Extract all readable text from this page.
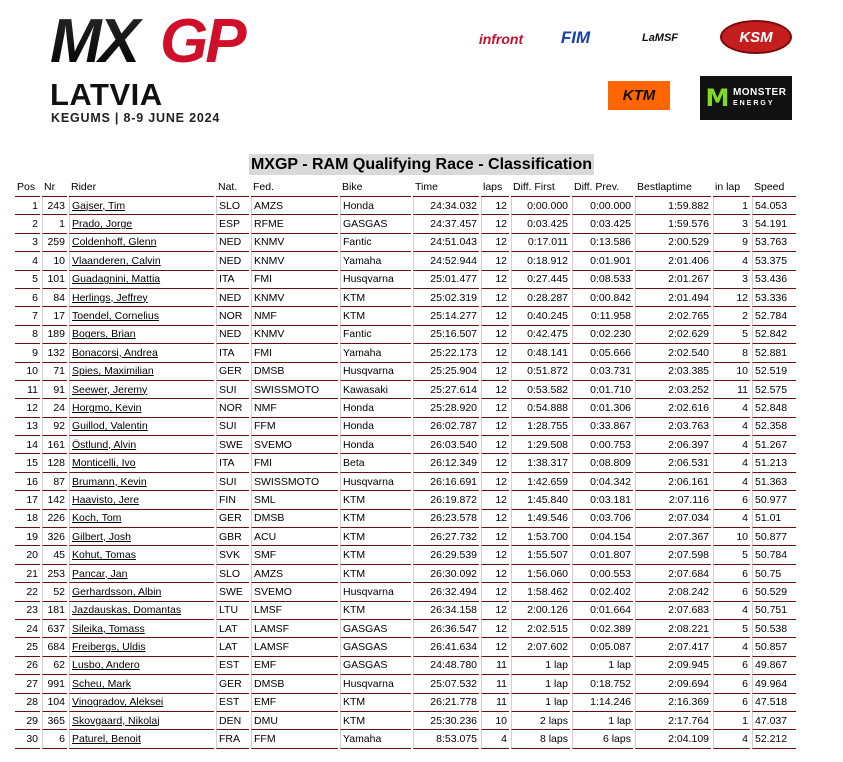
MX GP
LATVIA
KEGUMS | 8-9 JUNE 2024
infront FIM	LaMSF	KSM
KTM M MONSTER
ENERGY
MXGP - RAM Qualifying Race - Classification
Pos	Nr	Rider	Nat.	Fed.	Bike	Time	laps	Diff. First	Diff. Prev.	Bestlaptime	in lap	Speed
1	243	Gajser, Tim	SLO	AMZS	Honda	24:34.032	12	0:00.000	0:00.000	1:59.882	1	54.053
2	1	Prado, Jorge	ESP	RFME	GASGAS	24:37.457	12	0:03.425	0:03.425	1:59.576	3	54.191
3	259	Coldenhoff, Glenn	NED	KNMV	Fantic	24:51.043	12	0:17.011	0:13.586	2:00.529	9	53.763
4	10	Vlaanderen, Calvin	NED	KNMV	Yamaha	24:52.944	12	0:18.912	0:01.901	2:01.406	4	53.375
5	101	Guadagnini, Mattia	ITA	FMI	Husqvarna	25:01.477	12	0:27.445	0:08.533	2:01.267	3	53.436
6	84	Herlings, Jeffrey	NED	KNMV	KTM	25:02.319	12	0:28.287	0:00.842	2:01.494	12	53.336
7	17	Toendel, Cornelius	NOR	NMF	KTM	25:14.277	12	0:40.245	0:11.958	2:02.765	2	52.784
8	189	Bogers, Brian	NED	KNMV	Fantic	25:16.507	12	0:42.475	0:02.230	2:02.629	5	52.842
9	132	Bonacorsi, Andrea	ITA	FMI	Yamaha	25:22.173	12	0:48.141	0:05.666	2:02.540	8	52.881
10	71	Spies, Maximilian	GER	DMSB	Husqvarna	25:25.904	12	0:51.872	0:03.731	2:03.385	10	52.519
11	91	Seewer, Jeremy	SUI	SWISSMOTO	Kawasaki	25:27.614	12	0:53.582	0:01.710	2:03.252	11	52.575
12	24	Horgmo, Kevin	NOR	NMF	Honda	25:28.920	12	0:54.888	0:01.306	2:02.616	4	52.848
13	92	Guillod, Valentin	SUI	FFM	Honda	26:02.787	12	1:28.755	0:33.867	2:03.763	4	52.358
14	161	Östlund, Alvin	SWE	SVEMO	Honda	26:03.540	12	1:29.508	0:00.753	2:06.397	4	51.267
15	128	Monticelli, Ivo	ITA	FMI	Beta	26:12.349	12	1:38.317	0:08.809	2:06.531	4	51.213
16	87	Brumann, Kevin	SUI	SWISSMOTO	Husqvarna	26:16.691	12	1:42.659	0:04.342	2:06.161	4	51.363
17	142	Haavisto, Jere	FIN	SML	KTM	26:19.872	12	1:45.840	0:03.181	2:07.116	6	50.977
18	226	Koch, Tom	GER	DMSB	KTM	26:23.578	12	1:49.546	0:03.706	2:07.034	4	51.01
19	326	Gilbert, Josh	GBR	ACU	KTM	26:27.732	12	1:53.700	0:04.154	2:07.367	10	50.877
20	45	Kohut, Tomas	SVK	SMF	KTM	26:29.539	12	1:55.507	0:01.807	2:07.598	5	50.784
21	253	Pancar, Jan	SLO	AMZS	KTM	26:30.092	12	1:56.060	0:00.553	2:07.684	6	50.75
22	52	Gerhardsson, Albin	SWE	SVEMO	Husqvarna	26:32.494	12	1:58.462	0:02.402	2:08.242	6	50.529
23	181	Jazdauskas, Domantas	LTU	LMSF	KTM	26:34.158	12	2:00.126	0:01.664	2:07.683	4	50.751
24	637	Sileika, Tomass	LAT	LAMSF	GASGAS	26:36.547	12	2:02.515	0:02.389	2:08.221	5	50.538
25	684	Freibergs, Uldis	LAT	LAMSF	GASGAS	26:41.634	12	2:07.602	0:05.087	2:07.417	4	50.857
26	62	Lusbo, Andero	EST	EMF	GASGAS	24:48.780	11	1 lap	1 lap	2:09.945	6	49.867
27	991	Scheu, Mark	GER	DMSB	Husqvarna	25:07.532	11	1 lap	0:18.752	2:09.694	6	49.964
28	104	Vinogradov, Aleksei	EST	EMF	KTM	26:21.778	11	1 lap	1:14.246	2:16.369	6	47.518
29	365	Skovgaard, Nikolaj	DEN	DMU	KTM	25:30.236	10	2 laps	1 lap	2:17.764	1	47.037
30	6	Paturel, Benoit	FRA	FFM	Yamaha	8:53.075	4	8 laps	6 laps	2:04.109	4	52.212
